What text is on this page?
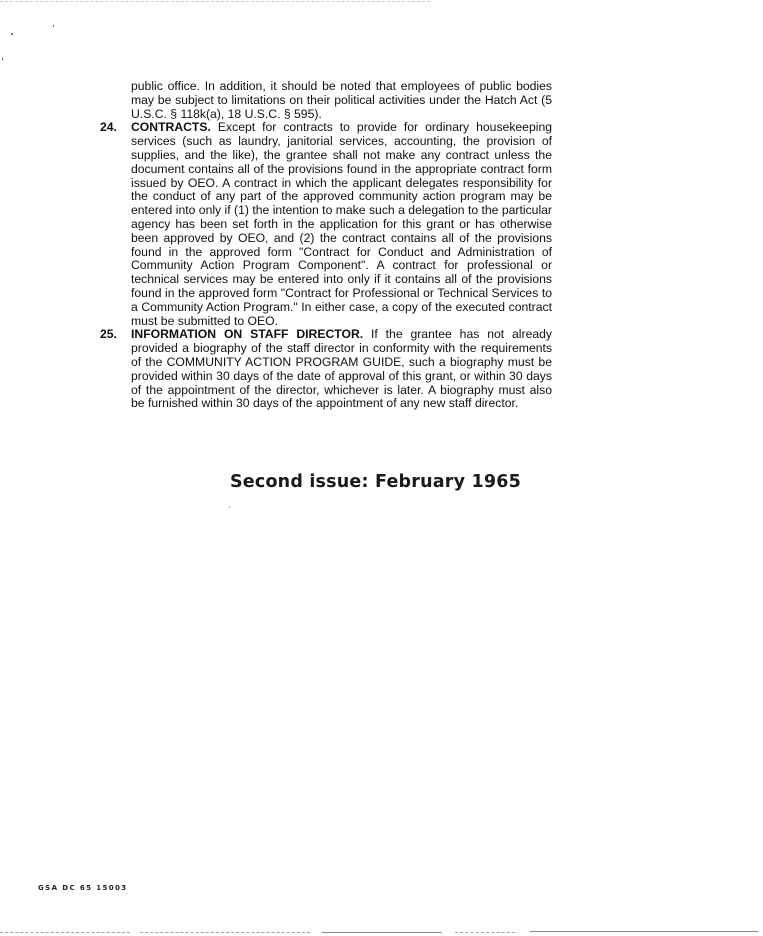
public office. In addition, it should be noted that employees of public bodies may be subject to limitations on their political activities under the Hatch Act (5 U.S.C. § 118k(a), 18 U.S.C. § 595).

24. CONTRACTS. Except for contracts to provide for ordinary housekeeping services (such as laundry, janitorial services, accounting, the provision of supplies, and the like), the grantee shall not make any contract unless the document contains all of the provisions found in the appropriate contract form issued by OEO. A contract in which the applicant delegates responsibility for the conduct of any part of the approved community action program may be entered into only if (1) the intention to make such a delegation to the particular agency has been set forth in the application for this grant or has otherwise been approved by OEO, and (2) the contract contains all of the provisions found in the approved form "Contract for Conduct and Administration of Community Action Program Component". A contract for professional or technical services may be entered into only if it contains all of the provisions found in the approved form "Contract for Professional or Technical Services to a Community Action Program." In either case, a copy of the executed contract must be submitted to OEO.

25. INFORMATION ON STAFF DIRECTOR. If the grantee has not already provided a biography of the staff director in conformity with the requirements of the COMMUNITY ACTION PROGRAM GUIDE, such a biography must be provided within 30 days of the date of approval of this grant, or within 30 days of the appointment of the director, whichever is later. A biography must also be furnished within 30 days of the appointment of any new staff director.

Second issue: February 1965
GSA DC 65 15003
